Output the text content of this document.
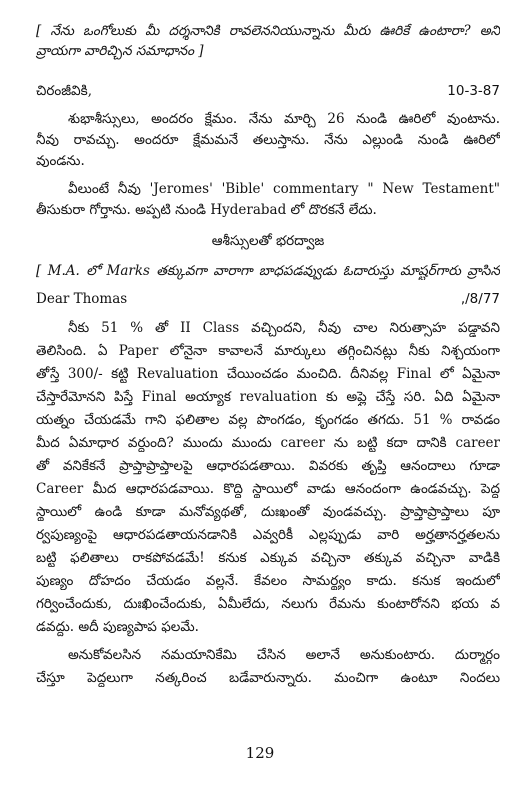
[ నేను ఒంగోలుకు మీ దర్శనానికి రావలెననియున్నాను మీరు ఊరికే ఉంటారా? అని
వ్రాయగా వారిచ్చిన సమాధానం ]
చిరంజీవికి,	10-3-87
శుభాశీస్సులు, అందరం క్షేమం. నేను మార్చి 26 నుండి ఊరిలో వుంటాను.
నీవు రావచ్చు. అందరూ క్షేమమనే తలుస్తాను. నేను ఎల్లుండి నుండి ఊరిలో
వుండను.
వీలుంటే నీవు 'Jeromes' 'Bible' commentary " New Testament"
తీసుకురా గోర్తాను. అప్పటి నుండి Hyderabad లో దొరకనే లేదు.
ఆశీస్సులతో భరద్వాజ
[ M.A. లో Marks తక్కువగా వారాగా బాధపడవ్వుడు ఓదారుస్తు మాష్టర్‌గారు వ్రాసిన
Dear Thomas	,/8/77
నీకు 51 % తో II Class వచ్చిందని, నీవు చాల నిరుత్సాహ పడ్డావని
తెలిసింది. ఏ Paper లోనైనా కావాలనే మార్కులు తగ్గించినట్లు నీకు నిశ్చయంగా
తోస్తే 300/- కట్టి Revaluation చేయించడం మంచిది. దీనివల్ల Final లో ఏమైనా
చేస్తారేమోనని పిస్తే Final అయ్యాక revaluation కు అప్లై చేస్తే సరి. ఏది ఏమైనా
యత్నం చేయడమే గాని ఫలితాల వల్ల పొంగడం, కృంగడం తగదు. 51 % రావడం
మీద ఏమాధార వర్దుంది? ముందు ముందు career ను బట్టి కదా దానికి career
తో వనికేకనే ప్రాప్తాప్రాప్తాలపై ఆధారపడతాయి. వివరకు తృప్తి ఆనందాలు గూడా
Career మీద ఆధారపడవాయి. కొద్ది స్థాయిలో వాడు ఆనందంగా ఉండవచ్చు. పెద్ద
స్థాయిలో ఉండి కూడా మనోవ్యథతో, దుఃఖంతో వుండవచ్చు. ప్రాప్తాప్రాప్తాలు పూ
ర్వపుణ్యంపై ఆధారపడతాయనడానికి ఎవ్వరికీ ఎల్లప్పుడు వారి అర్హతానర్హతలను
బట్టి ఫలితాలు రాకపోవడమే! కనుక ఎక్కువ వచ్చినా తక్కువ వచ్చినా వాడికి
పుణ్యం దోహదం చేయడం వల్లనే. కేవలం సామర్థ్యం కాదు. కనుక ఇందులో
గర్వించేందుకు, దుఃఖించేందుకు, ఏమీలేదు, నలుగు రేమను కుంటారోనని భయ వ
డవద్దు. అదీ పుణ్యపాప ఫలమే.
అనుకోవలసిన నమయానికేమి చేసిన అలానే అనుకుంటారు. దుర్మార్గం
చేస్తూ పెద్దలుగా నత్కరించ బడేవారున్నారు. మంచిగా ఉంటూ నిందలు
129
